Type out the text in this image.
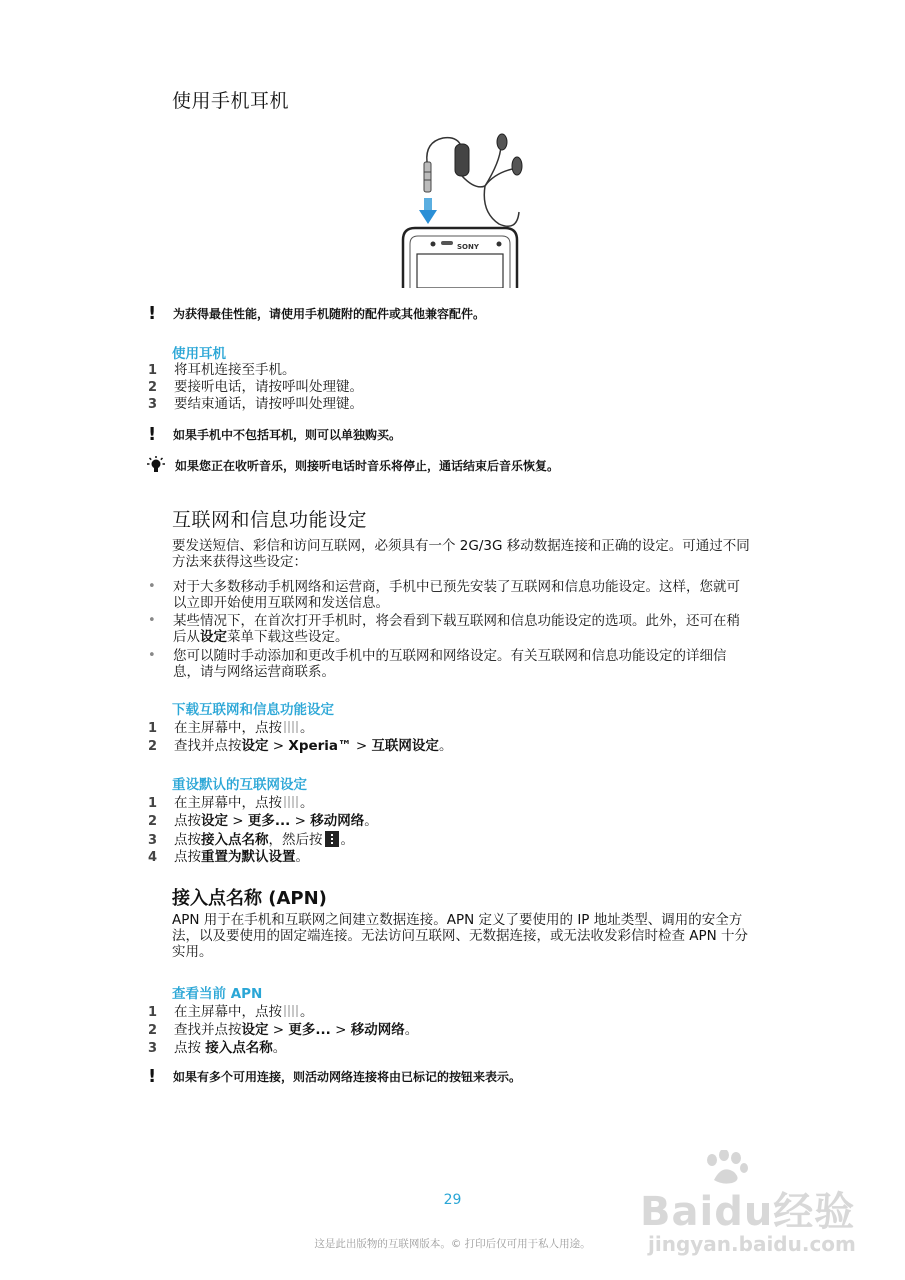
使用手机耳机
SONY
!	为获得最佳性能，请使用手机随附的配件或其他兼容配件。
使用耳机
1	将耳机连接至手机。
2	要接听电话，请按呼叫处理键。
3	要结束通话，请按呼叫处理键。
!	如果手机中不包括耳机，则可以单独购买。
如果您正在收听音乐，则接听电话时音乐将停止，通话结束后音乐恢复。
互联网和信息功能设定
要发送短信、彩信和访问互联网，必须具有一个 2G/3G 移动数据连接和正确的设定。可通过不同方法来获得这些设定：
•	对于大多数移动手机网络和运营商，手机中已预先安装了互联网和信息功能设定。这样，您就可以立即开始使用互联网和发送信息。
•	某些情况下，在首次打开手机时，将会看到下载互联网和信息功能设定的选项。此外，还可在稍后从设定菜单下载这些设定。
•	您可以随时手动添加和更改手机中的互联网和网络设定。有关互联网和信息功能设定的详细信息，请与网络运营商联系。
下载互联网和信息功能设定
1	在主屏幕中，点按 。
2	查找并点按设定 > Xperia™ > 互联网设定。
重设默认的互联网设定
1	在主屏幕中，点按 。
2	点按设定 > 更多... > 移动网络。
3	点按接入点名称，然后按 。
4	点按重置为默认设置。
接入点名称 (APN)
APN 用于在手机和互联网之间建立数据连接。APN 定义了要使用的 IP 地址类型、调用的安全方法，以及要使用的固定端连接。无法访问互联网、无数据连接，或无法收发彩信时检查 APN 十分实用。
查看当前 APN
1	在主屏幕中，点按 。
2	查找并点按设定 > 更多... > 移动网络。
3	点按 接入点名称。
!	如果有多个可用连接，则活动网络连接将由已标记的按钮来表示。
29
这是此出版物的互联网版本。© 打印后仅可用于私人用途。
Baidu经验
jingyan.baidu.com
